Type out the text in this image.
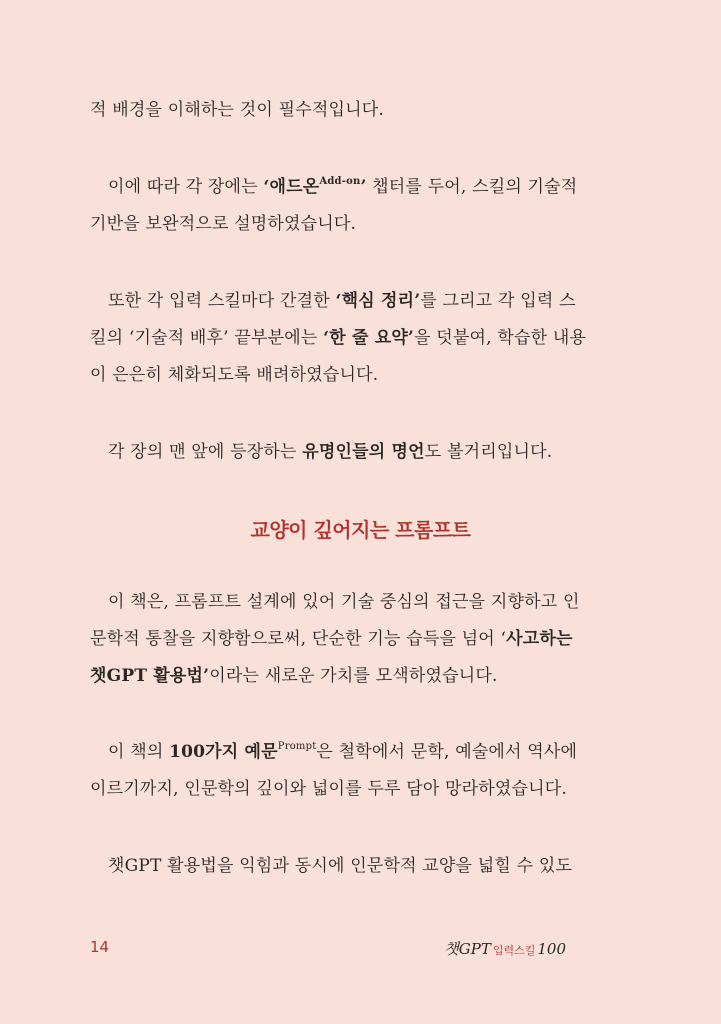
적 배경을 이해하는 것이 필수적입니다.
이에 따라 각 장에는 ‘애드온$^{Add-on}$’ 챕터를 두어, 스킬의 기술적
기반을 보완적으로 설명하였습니다.
또한 각 입력 스킬마다 간결한 ‘핵심 정리’를 그리고 각 입력 스
킬의 ‘기술적 배후’ 끝부분에는 ‘한 줄 요약’을 덧붙여, 학습한 내용
이 은은히 체화되도록 배려하였습니다.
각 장의 맨 앞에 등장하는 유명인들의 명언도 볼거리입니다.
교양이 깊어지는 프롬프트
이 책은, 프롬프트 설계에 있어 기술 중심의 접근을 지향하고 인
문학적 통찰을 지향함으로써, 단순한 기능 습득을 넘어 ‘사고하는
챗GPT 활용법’이라는 새로운 가치를 모색하였습니다.
이 책의 100가지 예문$^{Prompt}$은 철학에서 문학, 예술에서 역사에
이르기까지, 인문학의 깊이와 넓이를 두루 담아 망라하였습니다.
챗GPT 활용법을 익힘과 동시에 인문학적 교양을 넓힐 수 있도
14	챗GPT 입력스킬 100
